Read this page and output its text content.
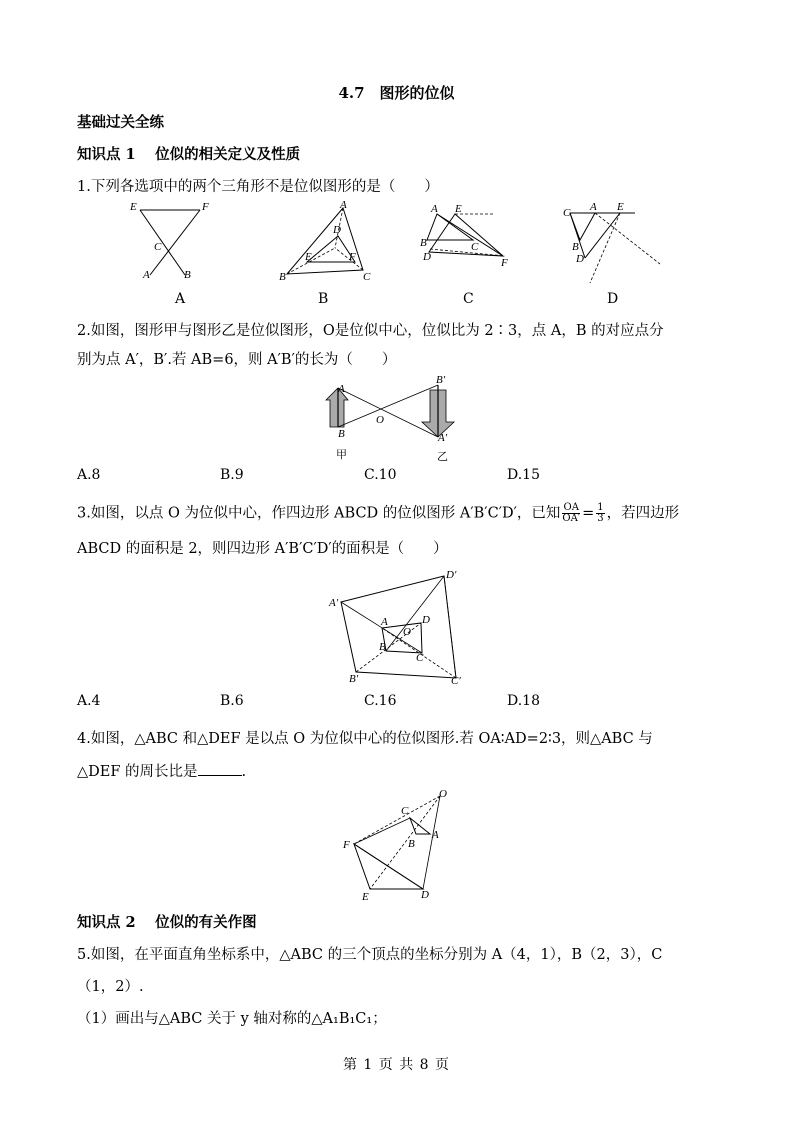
4.7　图形的位似
基础过关全练
知识点 1　 位似的相关定义及性质
1.下列各选项中的两个三角形不是位似图形的是（　　）
E	F
C
A	B
A
D
E	F
B	C
A E
B	C
D	F
C A E
B
D
A	B	C	D
2.如图，图形甲与图形乙是位似图形，O是位似中心，位似比为 2∶3，点 A，B 的对应点分
别为点 A′，B′.若 AB=6，则 A′B′的长为（　　）
A
B
O
B′
A′
甲	乙
A.8	B.9	C.10	D.15
3.如图，以点 O 为位似中心，作四边形 ABCD 的位似图形 A′B′C′D′，已知 $\frac{OA}{OA'} = \frac{1}{3}$ ，若四边形
ABCD 的面积是 2，则四边形 A′B′C′D′的面积是（　　）
D′
A′
A	D
O
B
C
B′	C′
A.4	B.6	C.16	D.18
4.如图，△ABC 和△DEF 是以点 O 为位似中心的位似图形.若 OA∶AD=2∶3，则△ABC 与
△DEF 的周长比是	.
O
C
A
B
F
E	D
知识点 2　 位似的有关作图
5.如图，在平面直角坐标系中，△ABC 的三个顶点的坐标分别为 A（4，1），B（2，3），C
（1，2）.
（1）画出与△ABC 关于 y 轴对称的△A₁B₁C₁；
第 1 页 共 8 页
